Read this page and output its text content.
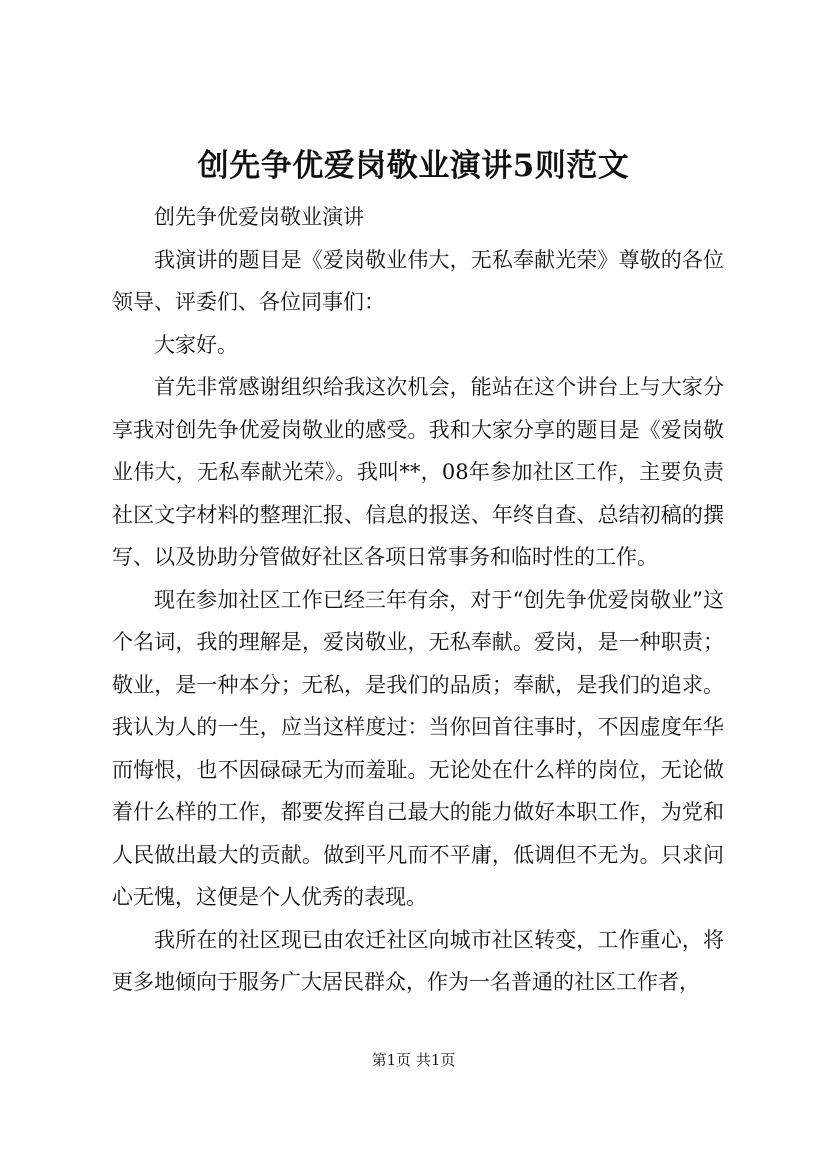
创先争优爱岗敬业演讲5则范文

创先争优爱岗敬业演讲

我演讲的题目是《爱岗敬业伟大，无私奉献光荣》尊敬的各位领导、评委们、各位同事们：

大家好。

首先非常感谢组织给我这次机会，能站在这个讲台上与大家分享我对创先争优爱岗敬业的感受。我和大家分享的题目是《爱岗敬业伟大，无私奉献光荣》。我叫**，08年参加社区工作，主要负责社区文字材料的整理汇报、信息的报送、年终自查、总结初稿的撰写、以及协助分管做好社区各项日常事务和临时性的工作。

现在参加社区工作已经三年有余，对于“创先争优爱岗敬业”这个名词，我的理解是，爱岗敬业，无私奉献。爱岗，是一种职责；敬业，是一种本分；无私，是我们的品质；奉献，是我们的追求。我认为人的一生，应当这样度过：当你回首往事时，不因虚度年华而悔恨，也不因碌碌无为而羞耻。无论处在什么样的岗位，无论做着什么样的工作，都要发挥自己最大的能力做好本职工作，为党和人民做出最大的贡献。做到平凡而不平庸，低调但不无为。只求问心无愧，这便是个人优秀的表现。

我所在的社区现已由农迁社区向城市社区转变，工作重心，将更多地倾向于服务广大居民群众，作为一名普通的社区工作者，

第1页 共1页
